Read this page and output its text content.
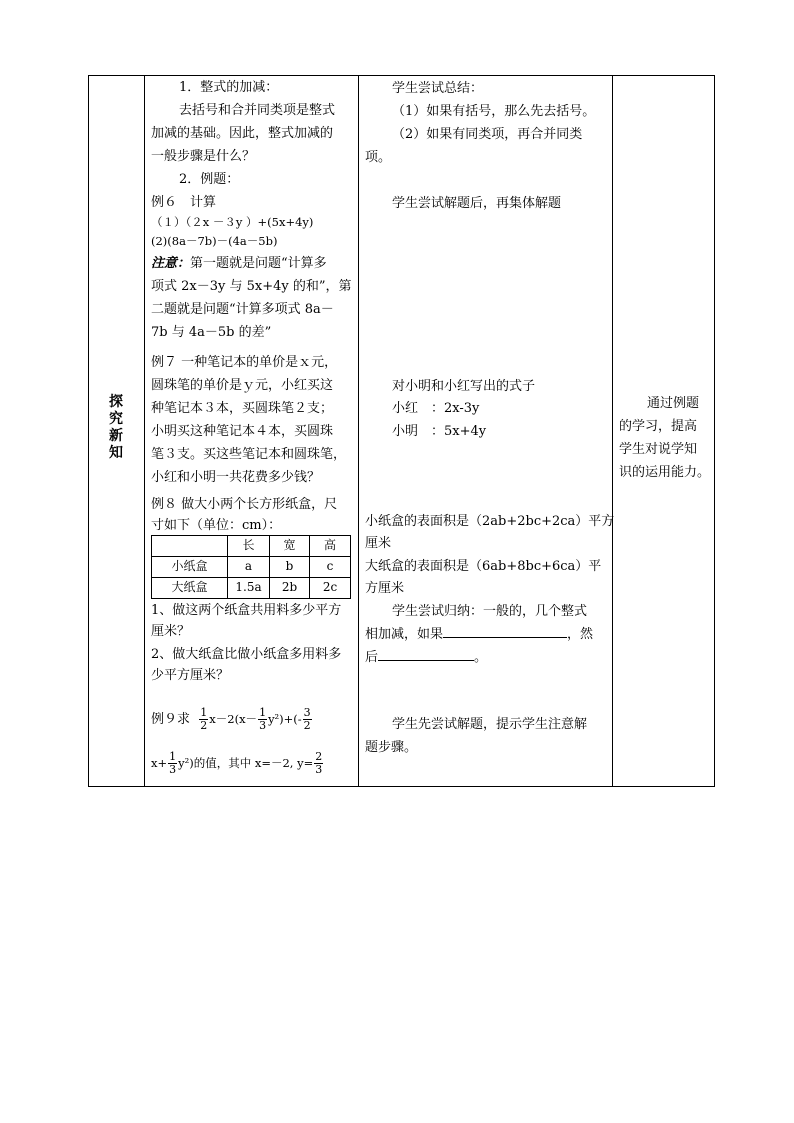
探究新知

1．整式的加减：
去括号和合并同类项是整式
加减的基础。因此，整式加减的
一般步骤是什么？
2．例题：
例６　计算
（１）（２x －３y ）+(5x+4y)
(2)(8a－7b)－(4a－5b)
注意：第一题就是问题“计算多
项式 2x－3y 与 5x+4y 的和”，第
二题就是问题“计算多项式 8a－
7b 与 4a－5b 的差”
例７ 一种笔记本的单价是ｘ元，
圆珠笔的单价是ｙ元，小红买这
种笔记本３本，买圆珠笔２支；
小明买这种笔记本４本，买圆珠
笔３支。买这些笔记本和圆珠笔，
小红和小明一共花费多少钱？
例８ 做大小两个长方形纸盒，尺
寸如下（单位：cm）：
	长	宽	高
小纸盒	a	b	c
大纸盒	1.5a	2b	2c
1、做这两个纸盒共用料多少平方
厘米？
2、做大纸盒比做小纸盒多用料多
少平方厘米？
例９求 $\frac{1}{2} x-2(x- \frac{1}{3} y^2)+(- \frac{3}{2}$
$x+ \frac{1}{3} y^2$)的值，其中 x=－2, $y= \frac{2}{3}$

学生尝试总结：
（1）如果有括号，那么先去括号。
（2）如果有同类项，再合并同类
项。
学生尝试解题后，再集体解题
对小明和小红写出的式子
小红　：2x-3y
小明　：5x+4y
小纸盒的表面积是（2ab+2bc+2ca）平方
厘米
大纸盒的表面积是（6ab+8bc+6ca）平
方厘米
学生尝试归纳：一般的，几个整式
相加减，如果	，然
后	。
学生先尝试解题，提示学生注意解
题步骤。

通过例题
的学习，提高
学生对说学知
识的运用能力。
